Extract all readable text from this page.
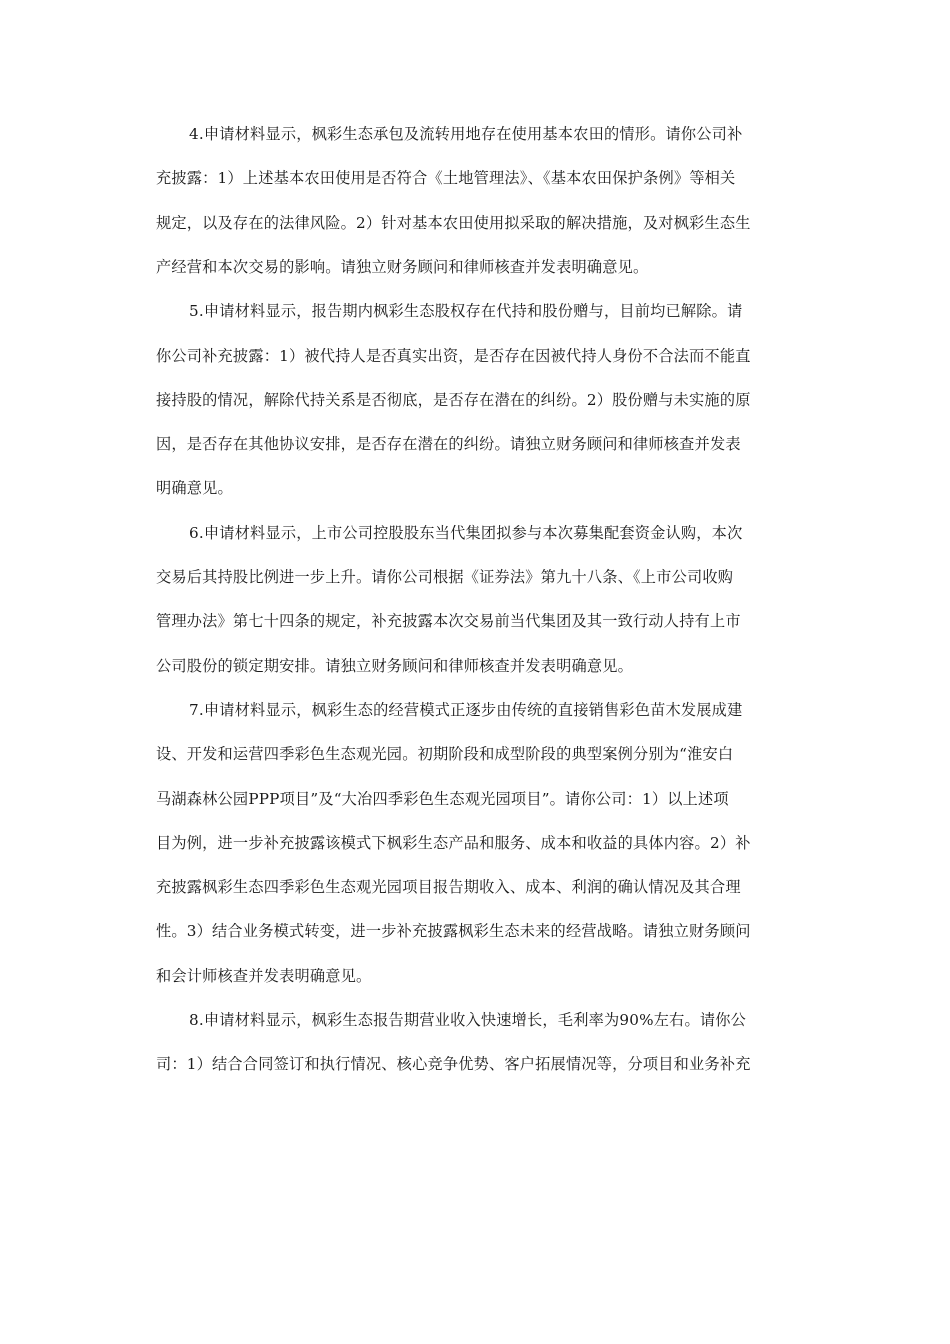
4.申请材料显示，枫彩生态承包及流转用地存在使用基本农田的情形。请你公司补
充披露：1）上述基本农田使用是否符合《土地管理法》、《基本农田保护条例》等相关
规定，以及存在的法律风险。2）针对基本农田使用拟采取的解决措施，及对枫彩生态生
产经营和本次交易的影响。请独立财务顾问和律师核查并发表明确意见。
5.申请材料显示，报告期内枫彩生态股权存在代持和股份赠与，目前均已解除。请
你公司补充披露：1）被代持人是否真实出资，是否存在因被代持人身份不合法而不能直
接持股的情况，解除代持关系是否彻底，是否存在潜在的纠纷。2）股份赠与未实施的原
因，是否存在其他协议安排，是否存在潜在的纠纷。请独立财务顾问和律师核查并发表
明确意见。
6.申请材料显示，上市公司控股股东当代集团拟参与本次募集配套资金认购，本次
交易后其持股比例进一步上升。请你公司根据《证券法》第九十八条、《上市公司收购
管理办法》第七十四条的规定，补充披露本次交易前当代集团及其一致行动人持有上市
公司股份的锁定期安排。请独立财务顾问和律师核查并发表明确意见。
7.申请材料显示，枫彩生态的经营模式正逐步由传统的直接销售彩色苗木发展成建
设、开发和运营四季彩色生态观光园。初期阶段和成型阶段的典型案例分别为“淮安白
马湖森林公园PPP项目”及“大冶四季彩色生态观光园项目”。请你公司：1）以上述项
目为例，进一步补充披露该模式下枫彩生态产品和服务、成本和收益的具体内容。2）补
充披露枫彩生态四季彩色生态观光园项目报告期收入、成本、利润的确认情况及其合理
性。3）结合业务模式转变，进一步补充披露枫彩生态未来的经营战略。请独立财务顾问
和会计师核查并发表明确意见。
8.申请材料显示，枫彩生态报告期营业收入快速增长，毛利率为90%左右。请你公
司：1）结合合同签订和执行情况、核心竞争优势、客户拓展情况等，分项目和业务补充
